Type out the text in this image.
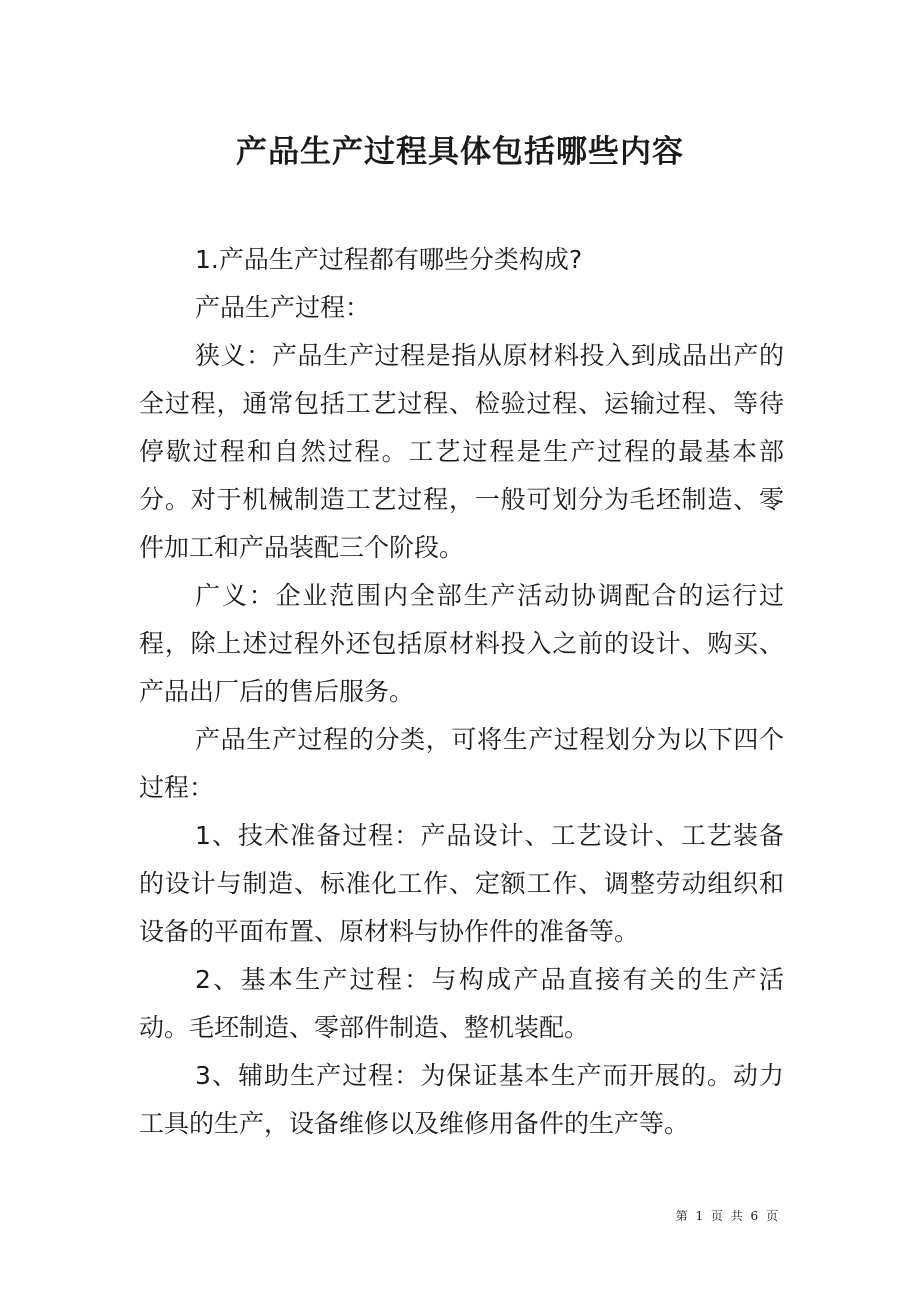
产品生产过程具体包括哪些内容

1.产品生产过程都有哪些分类构成?

产品生产过程：

狭义：产品生产过程是指从原材料投入到成品出产的全过程，通常包括工艺过程、检验过程、运输过程、等待停歇过程和自然过程。工艺过程是生产过程的最基本部分。对于机械制造工艺过程，一般可划分为毛坯制造、零件加工和产品装配三个阶段。

广义：企业范围内全部生产活动协调配合的运行过程，除上述过程外还包括原材料投入之前的设计、购买、产品出厂后的售后服务。

产品生产过程的分类，可将生产过程划分为以下四个过程：

1、技术准备过程：产品设计、工艺设计、工艺装备的设计与制造、标准化工作、定额工作、调整劳动组织和设备的平面布置、原材料与协作件的准备等。

2、基本生产过程：与构成产品直接有关的生产活动。毛坯制造、零部件制造、整机装配。

3、辅助生产过程：为保证基本生产而开展的。动力工具的生产，设备维修以及维修用备件的生产等。

第 1 页 共 6 页
